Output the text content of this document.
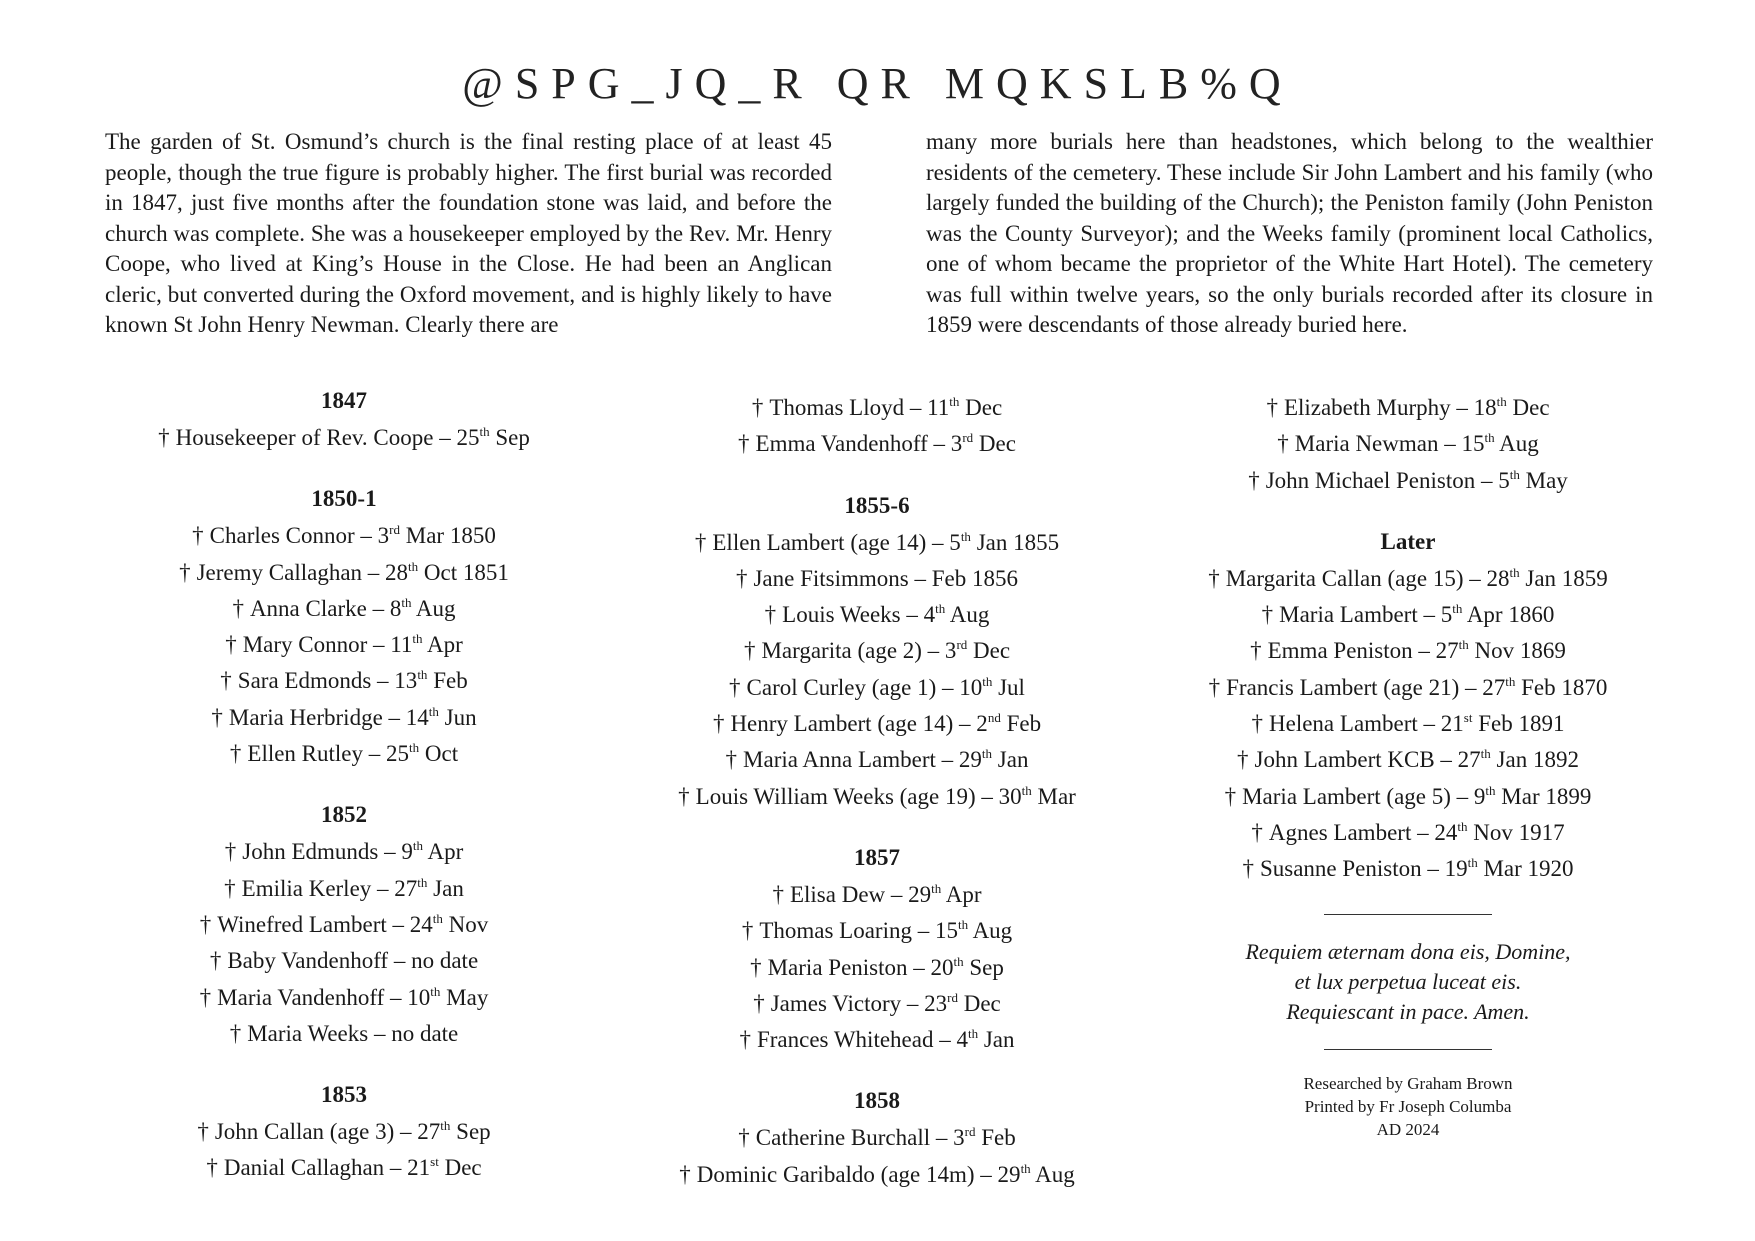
@SPG_JQ_R QR MQKSLB%Q

The garden of St. Osmund’s church is the final resting place of at least 45 people, though the true figure is probably higher. The first burial was recorded in 1847, just five months after the foundation stone was laid, and before the church was complete. She was a housekeeper employed by the Rev. Mr. Henry Coope, who lived at King’s House in the Close. He had been an Anglican cleric, but converted during the Oxford movement, and is highly likely to have known St John Henry Newman. Clearly there are

many more burials here than headstones, which belong to the wealthier residents of the cemetery. These include Sir John Lambert and his family (who largely funded the building of the Church); the Peniston family (John Peniston was the County Surveyor); and the Weeks family (prominent local Catholics, one of whom became the proprietor of the White Hart Hotel). The cemetery was full within twelve years, so the only burials recorded after its closure in 1859 were descendants of those already buried here.

1847
† Housekeeper of Rev. Coope – 25th Sep
1850-1
† Charles Connor – 3rd Mar 1850
† Jeremy Callaghan – 28th Oct 1851
† Anna Clarke – 8th Aug
† Mary Connor – 11th Apr
† Sara Edmonds – 13th Feb
† Maria Herbridge – 14th Jun
† Ellen Rutley – 25th Oct
1852
† John Edmunds – 9th Apr
† Emilia Kerley – 27th Jan
† Winefred Lambert – 24th Nov
† Baby Vandenhoff – no date
† Maria Vandenhoff – 10th May
† Maria Weeks – no date
1853
† John Callan (age 3) – 27th Sep
† Danial Callaghan – 21st Dec
† Thomas Lloyd – 11th Dec
† Emma Vandenhoff – 3rd Dec
1855-6
† Ellen Lambert (age 14) – 5th Jan 1855
† Jane Fitsimmons – Feb 1856
† Louis Weeks – 4th Aug
† Margarita (age 2) – 3rd Dec
† Carol Curley (age 1) – 10th Jul
† Henry Lambert (age 14) – 2nd Feb
† Maria Anna Lambert – 29th Jan
† Louis William Weeks (age 19) – 30th Mar
1857
† Elisa Dew – 29th Apr
† Thomas Loaring – 15th Aug
† Maria Peniston – 20th Sep
† James Victory – 23rd Dec
† Frances Whitehead – 4th Jan
1858
† Catherine Burchall – 3rd Feb
† Dominic Garibaldo (age 14m) – 29th Aug
† Elizabeth Murphy – 18th Dec
† Maria Newman – 15th Aug
† John Michael Peniston – 5th May
Later
† Margarita Callan (age 15) – 28th Jan 1859
† Maria Lambert – 5th Apr 1860
† Emma Peniston – 27th Nov 1869
† Francis Lambert (age 21) – 27th Feb 1870
† Helena Lambert – 21st Feb 1891
† John Lambert KCB – 27th Jan 1892
† Maria Lambert (age 5) – 9th Mar 1899
† Agnes Lambert – 24th Nov 1917
† Susanne Peniston – 19th Mar 1920
Requiem æternam dona eis, Domine,
et lux perpetua luceat eis.
Requiescant in pace. Amen.
Researched by Graham Brown
Printed by Fr Joseph Columba
AD 2024
